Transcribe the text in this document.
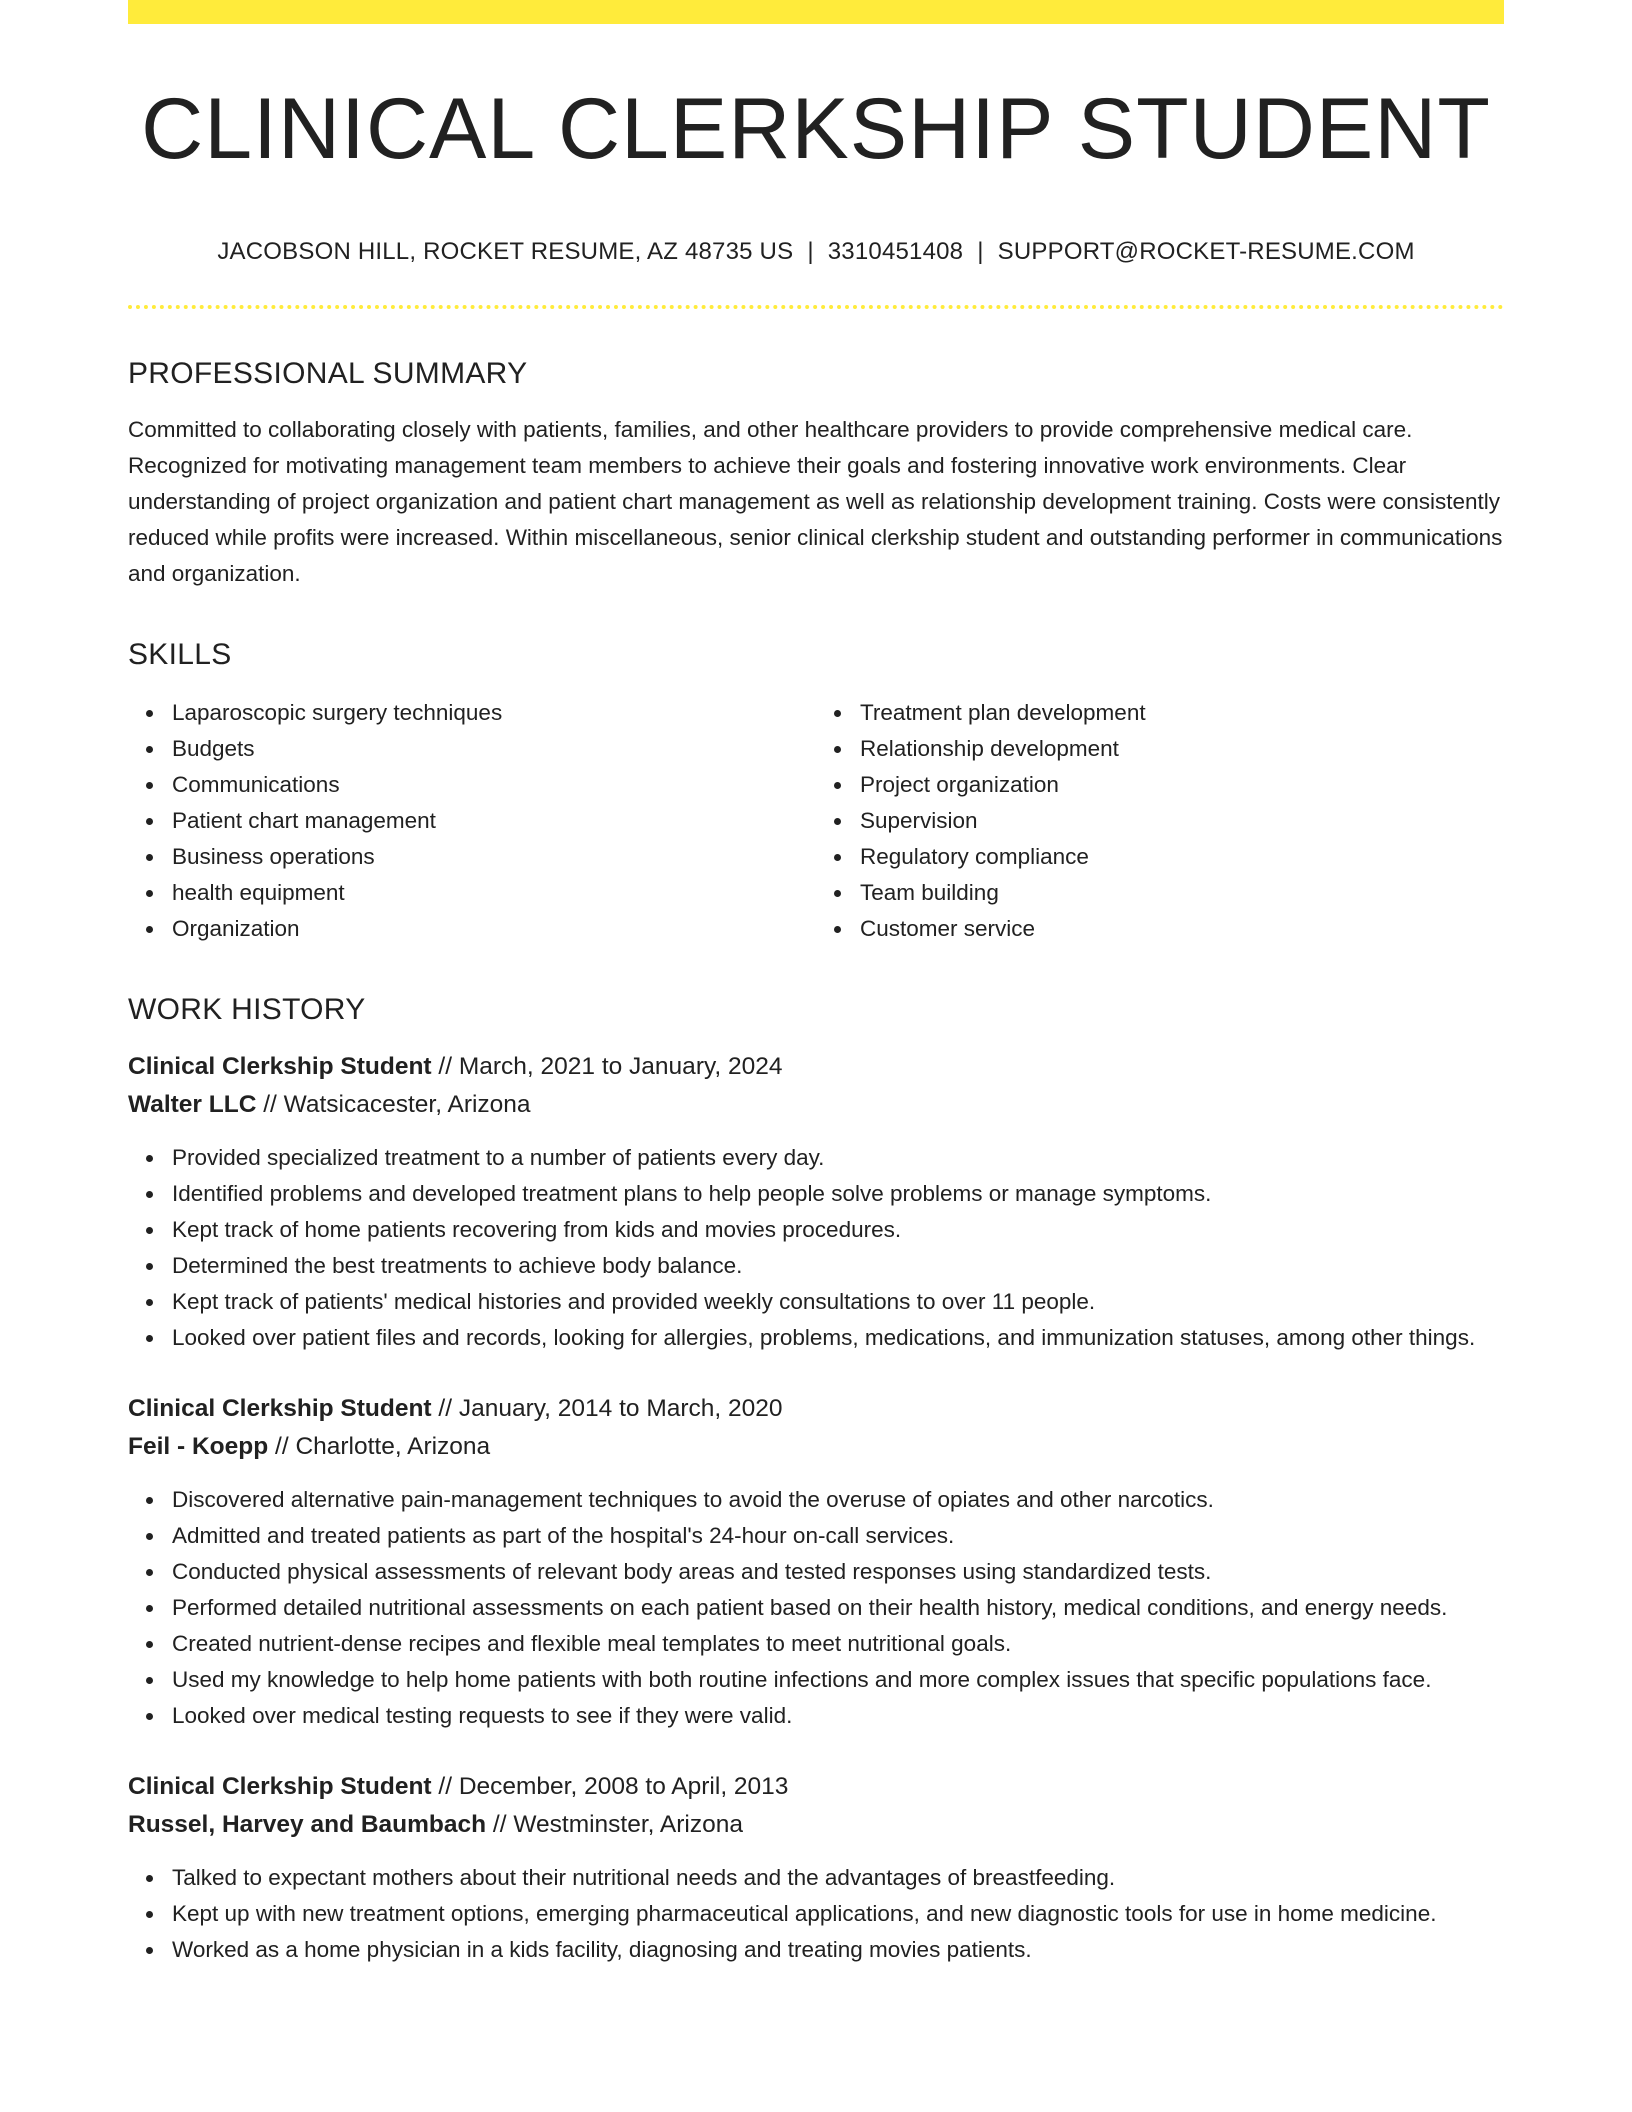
CLINICAL CLERKSHIP STUDENT
JACOBSON HILL, ROCKET RESUME, AZ 48735 US | 3310451408 | SUPPORT@ROCKET-RESUME.COM
PROFESSIONAL SUMMARY

Committed to collaborating closely with patients, families, and other healthcare providers to provide comprehensive medical care. Recognized for motivating management team members to achieve their goals and fostering innovative work environments. Clear understanding of project organization and patient chart management as well as relationship development training. Costs were consistently reduced while profits were increased. Within miscellaneous, senior clinical clerkship student and outstanding performer in communications and organization.

SKILLS
Laparoscopic surgery techniques
Budgets
Communications
Patient chart management
Business operations
health equipment
Organization
Treatment plan development
Relationship development
Project organization
Supervision
Regulatory compliance
Team building
Customer service
WORK HISTORY
Clinical Clerkship Student // March, 2021 to January, 2024
Walter LLC // Watsicacester, Arizona
Provided specialized treatment to a number of patients every day.
Identified problems and developed treatment plans to help people solve problems or manage symptoms.
Kept track of home patients recovering from kids and movies procedures.
Determined the best treatments to achieve body balance.
Kept track of patients' medical histories and provided weekly consultations to over 11 people.
Looked over patient files and records, looking for allergies, problems, medications, and immunization statuses, among other things.
Clinical Clerkship Student // January, 2014 to March, 2020
Feil - Koepp // Charlotte, Arizona
Discovered alternative pain-management techniques to avoid the overuse of opiates and other narcotics.
Admitted and treated patients as part of the hospital's 24-hour on-call services.
Conducted physical assessments of relevant body areas and tested responses using standardized tests.
Performed detailed nutritional assessments on each patient based on their health history, medical conditions, and energy needs.
Created nutrient-dense recipes and flexible meal templates to meet nutritional goals.
Used my knowledge to help home patients with both routine infections and more complex issues that specific populations face.
Looked over medical testing requests to see if they were valid.
Clinical Clerkship Student // December, 2008 to April, 2013
Russel, Harvey and Baumbach // Westminster, Arizona
Talked to expectant mothers about their nutritional needs and the advantages of breastfeeding.
Kept up with new treatment options, emerging pharmaceutical applications, and new diagnostic tools for use in home medicine.
Worked as a home physician in a kids facility, diagnosing and treating movies patients.
